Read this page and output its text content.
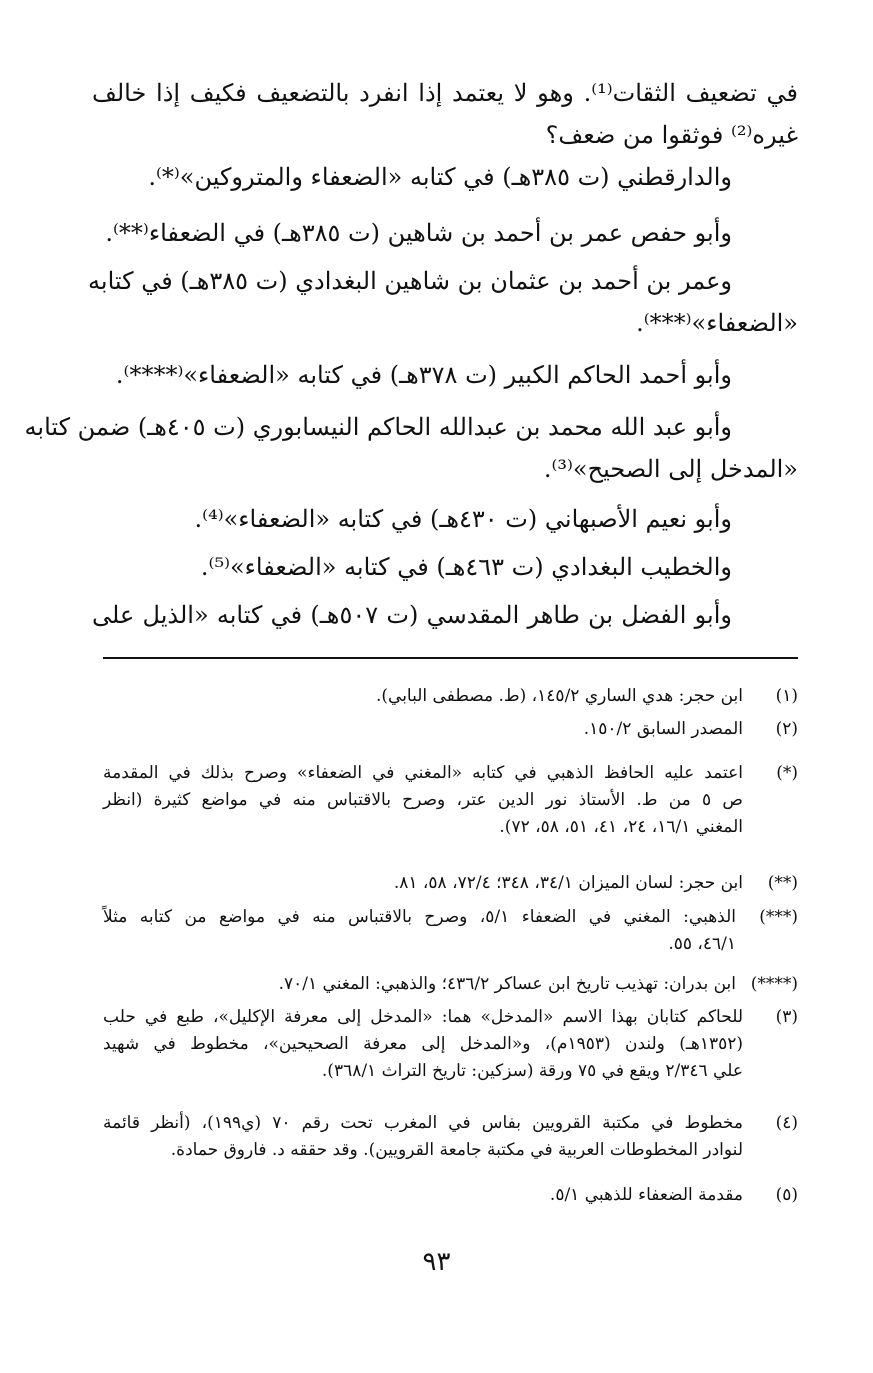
في تضعيف الثقات⁽¹⁾. وهو لا يعتمد إذا انفرد بالتضعيف فكيف إذا خالف
غيره⁽²⁾ فوثقوا من ضعف؟
والدارقطني (ت ٣٨٥هـ) في كتابه «الضعفاء والمتروكين»⁽*⁾.
وأبو حفص عمر بن أحمد بن شاهين (ت ٣٨٥هـ) في الضعفاء⁽**⁾.
وعمر بن أحمد بن عثمان بن شاهين البغدادي (ت ٣٨٥هـ) في كتابه
«الضعفاء»⁽***⁾.
وأبو أحمد الحاكم الكبير (ت ٣٧٨هـ) في كتابه «الضعفاء»⁽****⁾.
وأبو عبد الله محمد بن عبدالله الحاكم النيسابوري (ت ٤٠٥هـ) ضمن كتابه
«المدخل إلى الصحيح»⁽³⁾.
وأبو نعيم الأصبهاني (ت ٤٣٠هـ) في كتابه «الضعفاء»⁽⁴⁾.
والخطيب البغدادي (ت ٤٦٣هـ) في كتابه «الضعفاء»⁽⁵⁾.
وأبو الفضل بن طاهر المقدسي (ت ٥٠٧هـ) في كتابه «الذيل على
(١)
ابن حجر: هدي الساري ١٤٥/٢، (ط. مصطفى البابي).
(٢)
المصدر السابق ١٥٠/٢.
(*)
اعتمد عليه الحافظ الذهبي في كتابه «المغني في الضعفاء» وصرح بذلك في المقدمة
ص ٥ من ط. الأستاذ نور الدين عتر، وصرح بالاقتباس منه في مواضع كثيرة (انظر
المغني ١٦/١، ٢٤، ٤١، ٥١، ٥٨، ٧٢).
(**)
ابن حجر: لسان الميزان ٣٤/١، ٣٤٨؛ ٧٢/٤، ٥٨، ٨١.
(***)
الذهبي: المغني في الضعفاء ٥/١، وصرح بالاقتباس منه في مواضع من كتابه مثلاً
٤٦/١، ٥٥.
(****)
ابن بدران: تهذيب تاريخ ابن عساكر ٤٣٦/٢؛ والذهبي: المغني ٧٠/١.
(٣)
للحاكم كتابان بهذا الاسم «المدخل» هما: «المدخل إلى معرفة الإكليل»، طبع في حلب
(١٣٥٢هـ) ولندن (١٩٥٣م)، و«المدخل إلى معرفة الصحيحين»، مخطوط في شهيد
علي ٢/٣٤٦ ويقع في ٧٥ ورقة (سزكين: تاريخ التراث ٣٦٨/١).
(٤)
مخطوط في مكتبة القرويين بفاس في المغرب تحت رقم ٧٠ (ي١٩٩)، (أنظر قائمة
لنوادر المخطوطات العربية في مكتبة جامعة القرويين). وقد حققه د. فاروق حمادة.
(٥)
مقدمة الضعفاء للذهبي ٥/١.
٩٣
